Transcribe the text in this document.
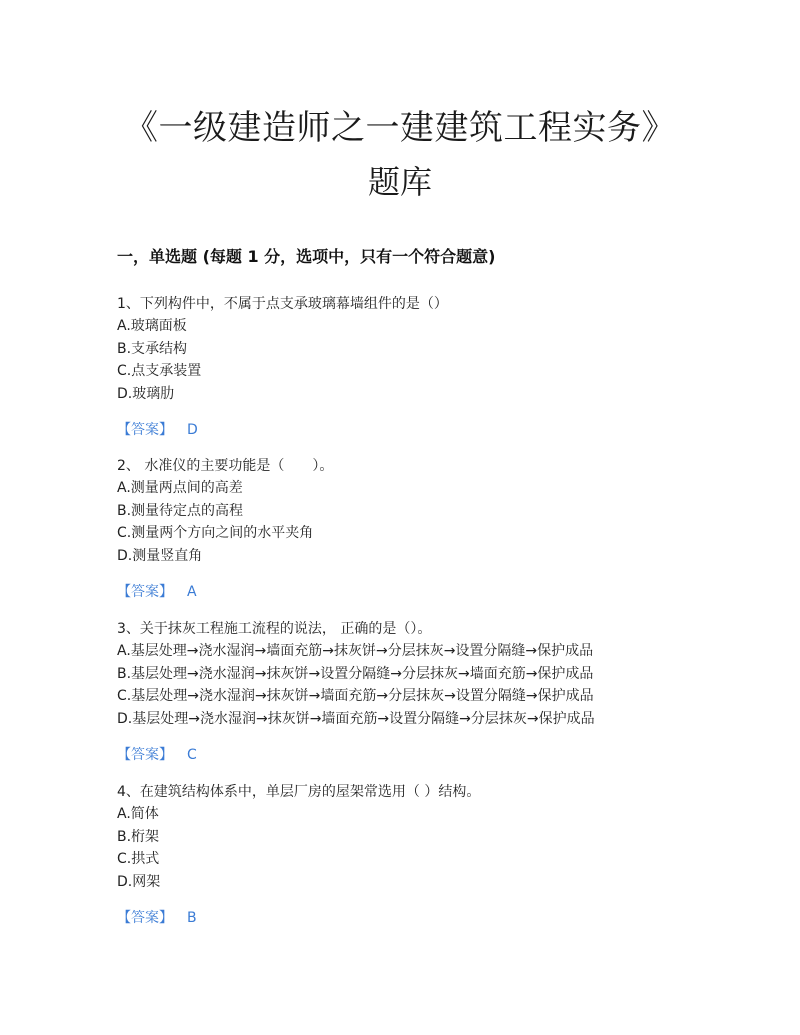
《一级建造师之一建建筑工程实务》
题库
一，单选题 (每题 1 分，选项中，只有一个符合题意)
1、下列构件中，不属于点支承玻璃幕墙组件的是（）
A.玻璃面板
B.支承结构
C.点支承装置
D.玻璃肋
【答案】 D
2、 水准仪的主要功能是（　　）。
A.测量两点间的高差
B.测量待定点的高程
C.测量两个方向之间的水平夹角
D.测量竖直角
【答案】 A
3、关于抹灰工程施工流程的说法， 正确的是（）。
A.基层处理→浇水湿润→墙面充筋→抹灰饼→分层抹灰→设置分隔缝→保护成品
B.基层处理→浇水湿润→抹灰饼→设置分隔缝→分层抹灰→墙面充筋→保护成品
C.基层处理→浇水湿润→抹灰饼→墙面充筋→分层抹灰→设置分隔缝→保护成品
D.基层处理→浇水湿润→抹灰饼→墙面充筋→设置分隔缝→分层抹灰→保护成品
【答案】 C
4、在建筑结构体系中，单层厂房的屋架常选用（ ）结构。
A.简体
B.桁架
C.拱式
D.网架
【答案】 B
